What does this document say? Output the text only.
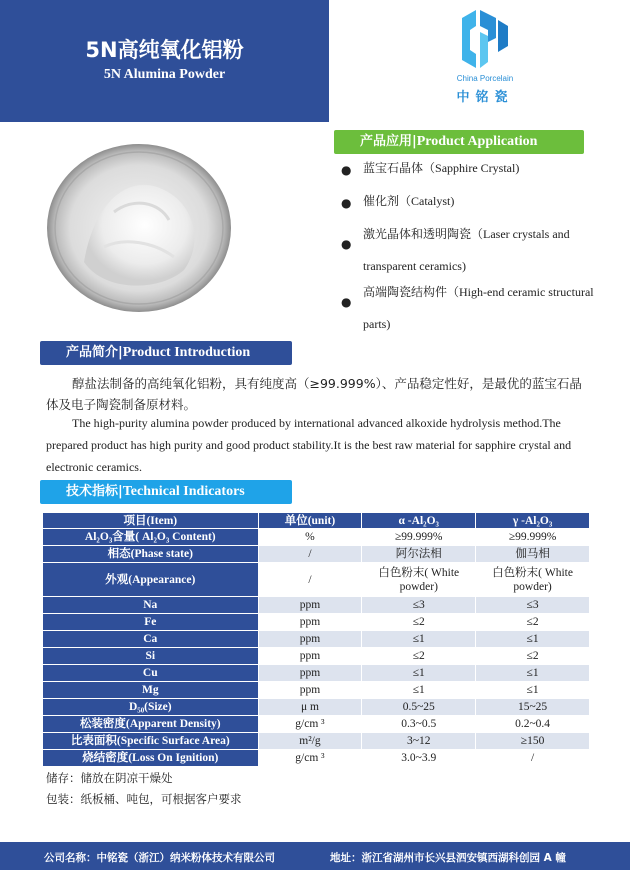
5N高纯氧化铝粉
5N Alumina Powder	China Porcelain
中铭瓷
产品应用|Product Application
● 蓝宝石晶体（Sapphire Crystal)
● 催化剂（Catalyst)
●
激光晶体和透明陶瓷（Laser crystals and transparent ceramics)
●
高端陶瓷结构件（High-end ceramic structural parts)
产品简介|Product Introduction

醇盐法制备的高纯氧化铝粉，具有纯度高（≥99.999%）、产品稳定性好，是最优的蓝宝石晶体及电子陶瓷制备原材料。

The high-purity alumina powder produced by international advanced alkoxide hydrolysis method.The prepared product has high purity and good product stability.It is the best raw material for sapphire crystal and electronic ceramics.

技术指标|Technical Indicators
项目(Item)	单位(unit)	α -Al₂O₃	γ -Al₂O₃
Al₂O₃含量( Al₂O₃ Content)	%	≥99.999%	≥99.999%
相态(Phase state)	/	阿尔法相	伽马相
外观(Appearance)	/	白色粉末( White powder)	白色粉末( White powder)
Na	ppm	≤3	≤3
Fe	ppm	≤2	≤2
Ca	ppm	≤1	≤1
Si	ppm	≤2	≤2
Cu	ppm	≤1	≤1
Mg	ppm	≤1	≤1
D₅₀(Size)	μ m	0.5~25	15~25
松装密度(Apparent Density)	g/cm ³	0.3~0.5	0.2~0.4
比表面积(Specific Surface Area)	m²/g	3~12	≥150
烧结密度(Loss On Ignition)	g/cm ³	3.0~3.9	/
储存：储放在阴凉干燥处
包装：纸板桶、吨包，可根据客户要求
公司名称：中铭瓷（浙江）纳米粉体技术有限公司	地址：浙江省湖州市长兴县泗安镇西湖科创园 A 幢
